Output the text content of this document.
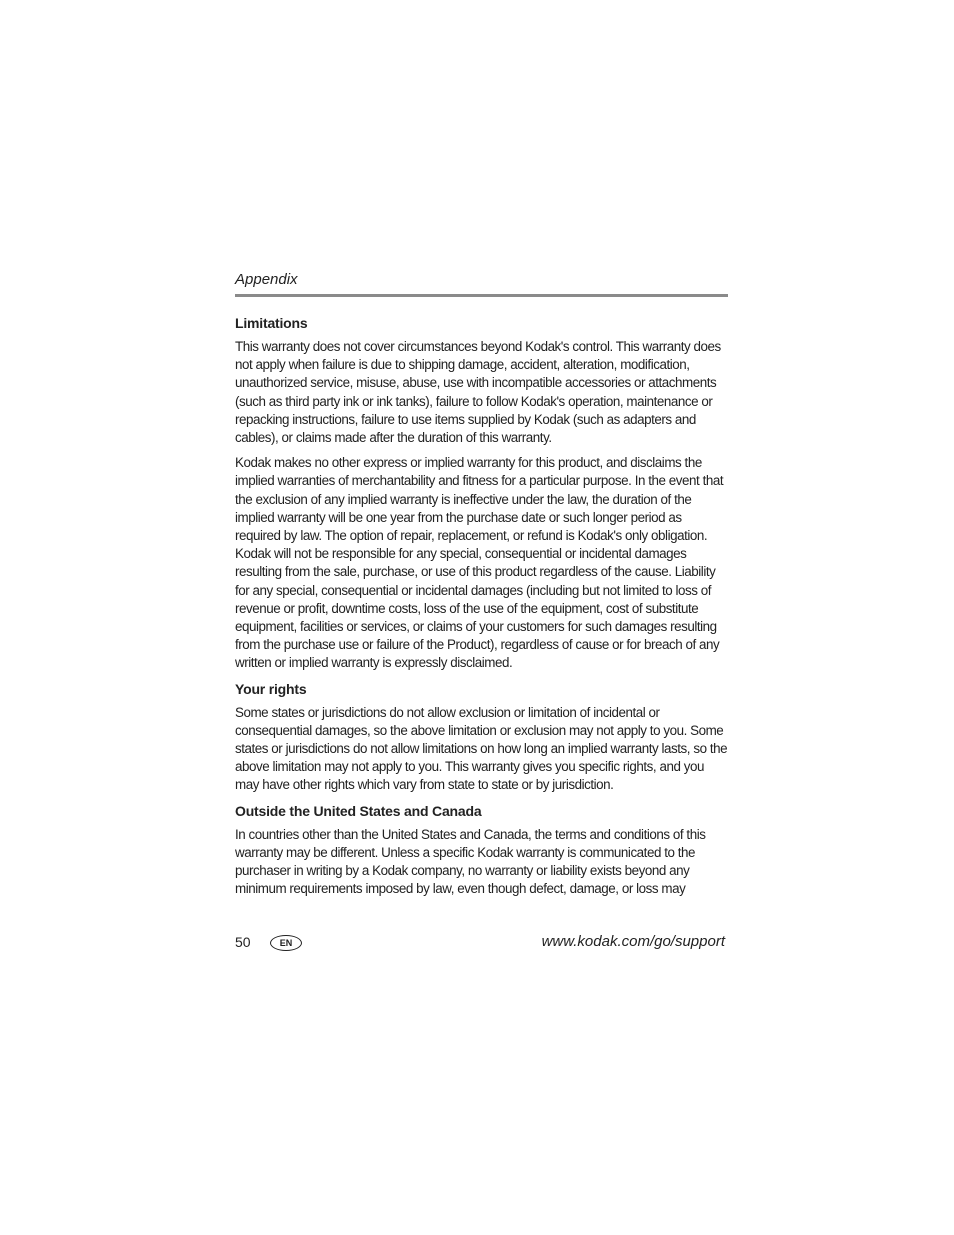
Appendix
Limitations

This warranty does not cover circumstances beyond Kodak's control. This warranty does not apply when failure is due to shipping damage, accident, alteration, modification, unauthorized service, misuse, abuse, use with incompatible accessories or attachments (such as third party ink or ink tanks), failure to follow Kodak's operation, maintenance or repacking instructions, failure to use items supplied by Kodak (such as adapters and cables), or claims made after the duration of this warranty.

Kodak makes no other express or implied warranty for this product, and disclaims the implied warranties of merchantability and fitness for a particular purpose. In the event that the exclusion of any implied warranty is ineffective under the law, the duration of the implied warranty will be one year from the purchase date or such longer period as required by law. The option of repair, replacement, or refund is Kodak's only obligation. Kodak will not be responsible for any special, consequential or incidental damages resulting from the sale, purchase, or use of this product regardless of the cause. Liability for any special, consequential or incidental damages (including but not limited to loss of revenue or profit, downtime costs, loss of the use of the equipment, cost of substitute equipment, facilities or services, or claims of your customers for such damages resulting from the purchase use or failure of the Product), regardless of cause or for breach of any written or implied warranty is expressly disclaimed.

Your rights

Some states or jurisdictions do not allow exclusion or limitation of incidental or consequential damages, so the above limitation or exclusion may not apply to you. Some states or jurisdictions do not allow limitations on how long an implied warranty lasts, so the above limitation may not apply to you. This warranty gives you specific rights, and you may have other rights which vary from state to state or by jurisdiction.

Outside the United States and Canada

In countries other than the United States and Canada, the terms and conditions of this warranty may be different. Unless a specific Kodak warranty is communicated to the purchaser in writing by a Kodak company, no warranty or liability exists beyond any minimum requirements imposed by law, even though defect, damage, or loss may

50	EN	www.kodak.com/go/support
